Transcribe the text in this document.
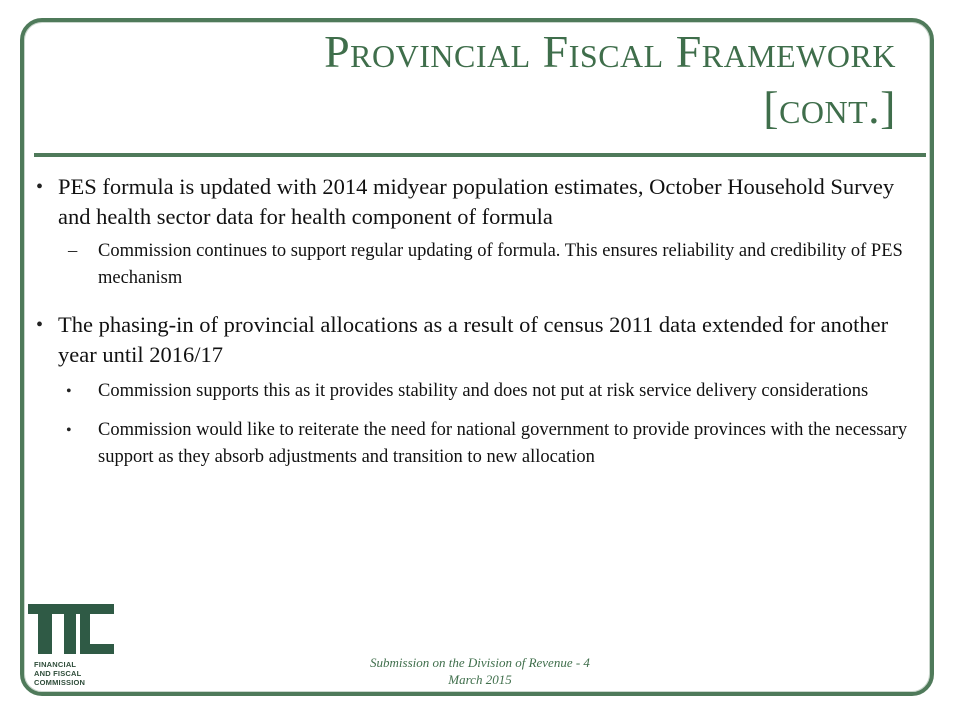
Provincial Fiscal Framework
[cont.]
• PES formula is updated with 2014 midyear population estimates, October Household Survey and health sector data for health component of formula
– Commission continues to support regular updating of formula. This ensures reliability and credibility of PES mechanism
• The phasing-in of provincial allocations as a result of census 2011 data extended for another year until 2016/17
• Commission supports this as it provides stability and does not put at risk service delivery considerations
• Commission would like to reiterate the need for national government to provide provinces with the necessary support as they absorb adjustments and transition to new allocation
FINANCIAL
AND FISCAL
COMMISSION
Submission on the Division of Revenue - 4
March 2015
